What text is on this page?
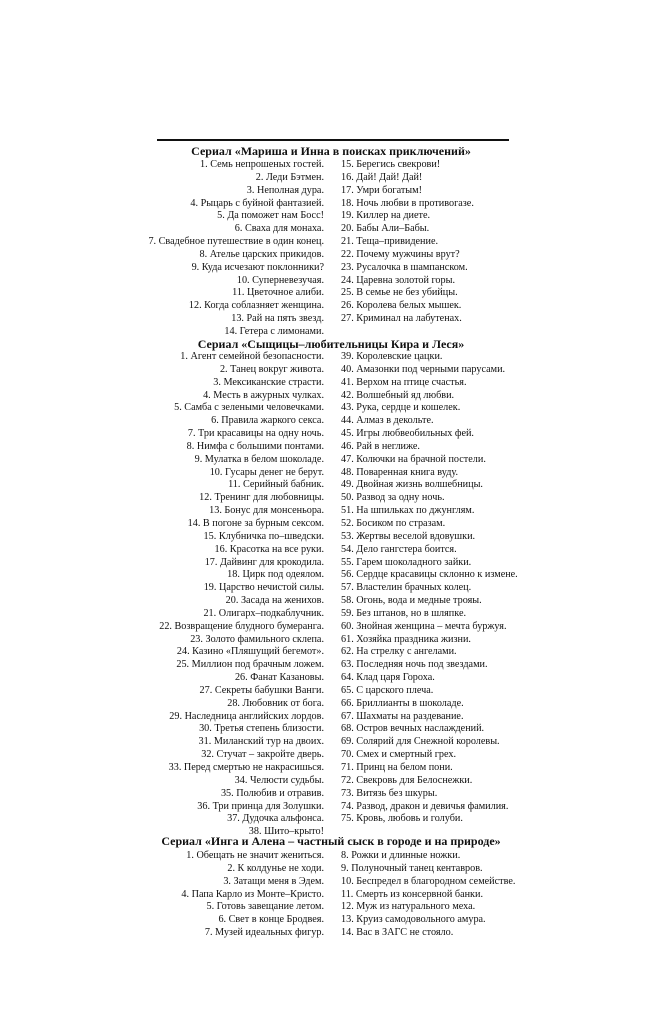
Сериал «Мариша и Инна в поисках приключений»
1. Семь непрошеных гостей.
2. Леди Бэтмен.
3. Неполная дура.
4. Рыцарь с буйной фантазией.
5. Да поможет нам Босс!
6. Сваха для монаха.
7. Свадебное путешествие в один конец.
8. Ателье царских прикидов.
9. Куда исчезают поклонники?
10. Суперневезучая.
11. Цветочное алиби.
12. Когда соблазняет женщина.
13. Рай на пять звезд.
14. Гетера с лимонами.
15. Берегись свекрови!
16. Дай! Дай! Дай!
17. Умри богатым!
18. Ночь любви в противогазе.
19. Киллер на диете.
20. Бабы Али–Бабы.
21. Теща–привидение.
22. Почему мужчины врут?
23. Русалочка в шампанском.
24. Царевна золотой горы.
25. В семье не без убийцы.
26. Королева белых мышек.
27. Криминал на лабутенах.
Сериал «Сыщицы–любительницы Кира и Леся»
1. Агент семейной безопасности.
2. Танец вокруг живота.
3. Мексиканские страсти.
4. Месть в ажурных чулках.
5. Самба с зелеными человечками.
6. Правила жаркого секса.
7. Три красавицы на одну ночь.
8. Нимфа с большими понтами.
9. Мулатка в белом шоколаде.
10. Гусары денег не берут.
11. Серийный бабник.
12. Тренинг для любовницы.
13. Бонус для монсеньора.
14. В погоне за бурным сексом.
15. Клубничка по–шведски.
16. Красотка на все руки.
17. Дайвинг для крокодила.
18. Цирк под одеялом.
19. Царство нечистой силы.
20. Засада на женихов.
21. Олигарх–подкаблучник.
22. Возвращение блудного бумеранга.
23. Золото фамильного склепа.
24. Казино «Пляшущий бегемот».
25. Миллион под брачным ложем.
26. Фанат Казановы.
27. Секреты бабушки Ванги.
28. Любовник от бога.
29. Наследница английских лордов.
30. Третья степень близости.
31. Миланский тур на двоих.
32. Стучат – закройте дверь.
33. Перед смертью не накрасишься.
34. Челюсти судьбы.
35. Полюбив и отравив.
36. Три принца для Золушки.
37. Дудочка альфонса.
38. Шито–крыто!
39. Королевские цацки.
40. Амазонки под черными парусами.
41. Верхом на птице счастья.
42. Волшебный яд любви.
43. Рука, сердце и кошелек.
44. Алмаз в декольте.
45. Игры любвеобильных фей.
46. Рай в неглиже.
47. Колючки на брачной постели.
48. Поваренная книга вуду.
49. Двойная жизнь волшебницы.
50. Развод за одну ночь.
51. На шпильках по джунглям.
52. Босиком по стразам.
53. Жертвы веселой вдовушки.
54. Дело гангстера боится.
55. Гарем шоколадного зайки.
56. Сердце красавицы склонно к измене.
57. Властелин брачных колец.
58. Огонь, вода и медные трояы.
59. Без штанов, но в шляпке.
60. Знойная женщина – мечта буржуя.
61. Хозяйка праздника жизни.
62. На стрелку с ангелами.
63. Последняя ночь под звездами.
64. Клад царя Гороха.
65. С царского плеча.
66. Бриллианты в шоколаде.
67. Шахматы на раздевание.
68. Остров вечных наслаждений.
69. Солярий для Снежной королевы.
70. Смех и смертный грех.
71. Принц на белом пони.
72. Свекровь для Белоснежки.
73. Витязь без шкуры.
74. Развод, дракон и девичья фамилия.
75. Кровь, любовь и голуби.
Сериал «Инга и Алена – частный сыск в городе и на природе»
1. Обещать не значит жениться.
2. К колдунье не ходи.
3. Затащи меня в Эдем.
4. Папа Карло из Монте–Кристо.
5. Готовь завещание летом.
6. Свет в конце Бродвея.
7. Музей идеальных фигур.
8. Рожки и длинные ножки.
9. Полуночный танец кентавров.
10. Беспредел в благородном семействе.
11. Смерть из консервной банки.
12. Муж из натурального меха.
13. Круиз самодовольного амура.
14. Вас в ЗАГС не стояло.
